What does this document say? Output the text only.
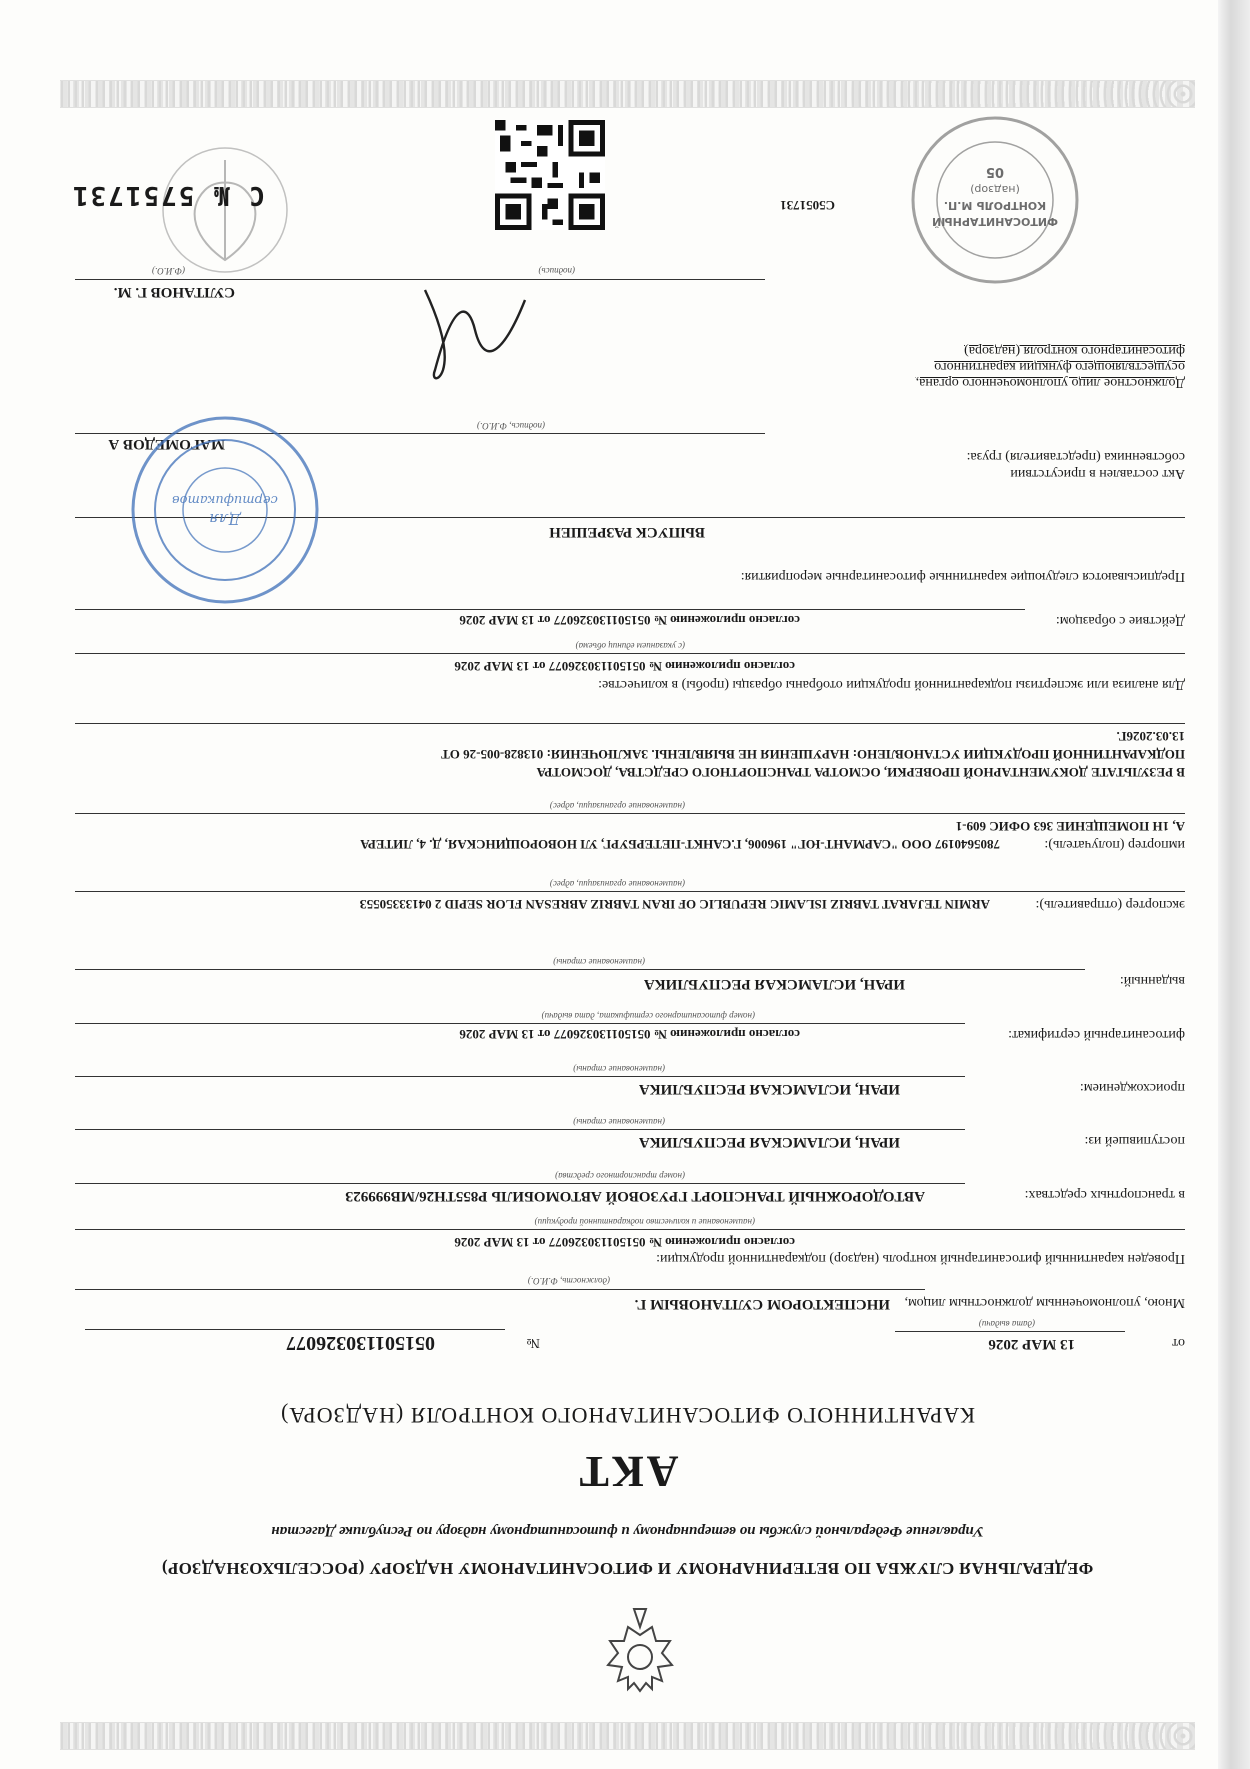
ФЕДЕРАЛЬНАЯ СЛУЖБА ПО ВЕТЕРИНАРНОМУ И ФИТОСАНИТАРНОМУ НАДЗОРУ (РОССЕЛЬХОЗНАДЗОР)
Управление Федеральной службы по ветеринарному и фитосанитарному надзору по Республике Дагестан
АКТ
КАРАНТИННОГО ФИТОСАНИТАРНОГО КОНТРОЛЯ (НАДЗОРА)
от
13 МАР 2026
(дата выдачи)
№
0515011303260​77
Мною, уполномоченным должностным лицом,
ИНСПЕКТОРОМ СУЛТАНОВЫМ Г.
(должность, Ф.И.О.)
Проведен карантинный фитосанитарный контроль (надзор) подкарантинной продукции:
согласно приложению № 0515011303260​77 от 13 МАР 2026
(наименование и количество подкарантинной продукции)
в транспортных средствах:
АВТОДОРОЖНЫЙ ТРАНСПОРТ ГРУЗОВОЙ АВТОМОБИЛЬ P855TH26/MB99992З
(номер транспортного средства)
поступившей из:
ИРАН, ИСЛАМСКАЯ РЕСПУБЛИКА
(наименование страны)
происхождением:
ИРАН, ИСЛАМСКАЯ РЕСПУБЛИКА
(наименование страны)
фитосанитарный сертификат:
согласно приложению № 0515011303260​77 от 13 МАР 2026
(номер фитосанитарного сертификата, дата выдачи)
выданный:
ИРАН, ИСЛАМСКАЯ РЕСПУБЛИКА
(наименование страны)
экспортер (отправитель):
ARMIN TEJARAT TABRIZ ISLAMIC REPUBLIC OF IRAN TABRIZ ABRESAN FLOR SEPID 2 0413335055З
(наименование организации, адрес)
импортер (получатель):
7805640197 ООО "САРМАНТ-ЮГ" 196006, Г.САНКТ-ПЕТЕРБУРГ, УЛ НОВОРОЩИНСКАЯ, Д. 4, ЛИТЕРА
А, 1Н ПОМЕЩЕНИЕ 363 ОФИС 609-1
(наименование организации, адрес)
В РЕЗУЛЬТАТЕ ДОКУМЕНТАРНОЙ ПРОВЕРКИ, ОСМОТРА ТРАНСПОРТНОГО СРЕДСТВА, ДОСМОТРА
ПОДКАРАНТИННОЙ ПРОДУКЦИИ УСТАНОВЛЕНО: НАРУШЕНИЯ НЕ ВЫЯВЛЕНЫ. ЗАКЛЮЧЕНИЯ: 013828-005-26 ОТ
13.03.2026Г.
Для анализа или экспертизы подкарантинной продукции отобраны образцы (пробы) в количестве:
согласно приложению № 0515011303260​77 от 13 МАР 2026
(с указанием единиц объема)
Действие с образцом:
согласно приложению № 0515011303260​77 от 13 МАР 2026
Предписываются следующие карантинные фитосанитарные мероприятия:
ВЫПУСК РАЗРЕШЕН
Акт составлен в присутствии собственника (представителя) груза:
МАГОМЕДОВ А
(подпись, Ф.И.О.)
Должностное лицо уполномоченного органа, осуществляющего функции карантинного фитосанитарного контроля (надзора)
СУЛТАНОВ Г. М.
(подпись)
(Ф.И.О.)
Для
сертификатов
ФИТОСАНИТАРНЫЙ
КОНТРОЛЬ М.П.
(надзор)
05
С № 5751731	С5051731
